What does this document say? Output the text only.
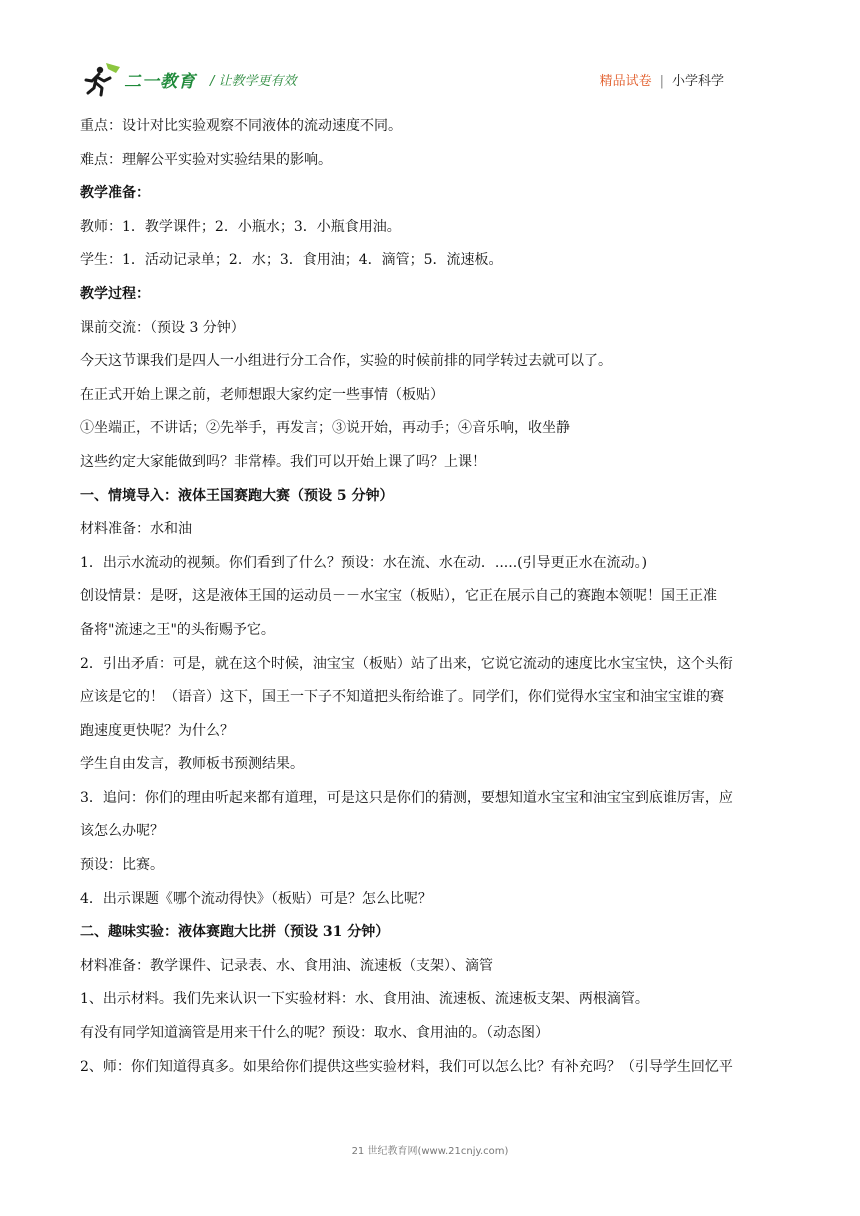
二一教育 / 让教学更有效	精品试卷 | 小学科学

重点：设计对比实验观察不同液体的流动速度不同。

难点：理解公平实验对实验结果的影响。

教学准备：

教师：1．教学课件；2．小瓶水；3．小瓶食用油。

学生：1．活动记录单；2．水；3．食用油；4．滴管；5．流速板。

教学过程：

课前交流：（预设 3 分钟）

今天这节课我们是四人一小组进行分工合作，实验的时候前排的同学转过去就可以了。

在正式开始上课之前，老师想跟大家约定一些事情（板贴）

①坐端正，不讲话；②先举手，再发言；③说开始，再动手；④音乐响，收坐静

这些约定大家能做到吗？非常棒。我们可以开始上课了吗？上课！

一、情境导入：液体王国赛跑大赛（预设 5 分钟）

材料准备：水和油

1．出示水流动的视频。你们看到了什么？预设：水在流、水在动．.....(引导更正水在流动。)

创设情景：是呀，这是液体王国的运动员－－水宝宝（板贴），它正在展示自己的赛跑本领呢！国王正准

备将"流速之王"的头衔赐予它。

2．引出矛盾：可是，就在这个时候，油宝宝（板贴）站了出来，它说它流动的速度比水宝宝快，这个头衔

应该是它的！（语音）这下，国王一下子不知道把头衔给谁了。同学们，你们觉得水宝宝和油宝宝谁的赛

跑速度更快呢？为什么？

学生自由发言，教师板书预测结果。

3．追问：你们的理由听起来都有道理，可是这只是你们的猜测，要想知道水宝宝和油宝宝到底谁厉害，应

该怎么办呢？

预设：比赛。

4．出示课题《哪个流动得快》（板贴）可是？怎么比呢？

二、趣味实验：液体赛跑大比拼（预设 31 分钟）

材料准备：教学课件、记录表、水、食用油、流速板（支架）、滴管

1、出示材料。我们先来认识一下实验材料：水、食用油、流速板、流速板支架、两根滴管。

有没有同学知道滴管是用来干什么的呢？预设：取水、食用油的。（动态图）

2、师：你们知道得真多。如果给你们提供这些实验材料，我们可以怎么比？有补充吗？（引导学生回忆平

21 世纪教育网(www.21cnjy.com)
